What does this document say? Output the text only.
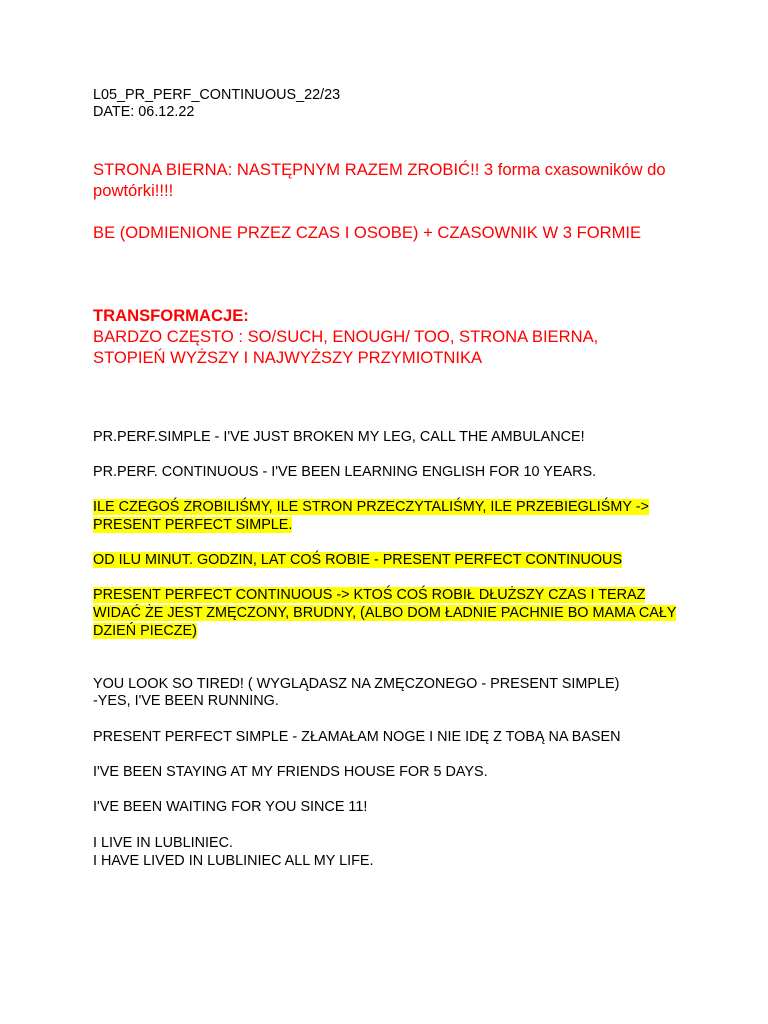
L05_PR_PERF_CONTINUOUS_22/23

DATE: 06.12.22

STRONA BIERNA: NASTĘPNYM RAZEM ZROBIĆ!! 3 forma cxasowników do

powtórki!!!!

BE (ODMIENIONE PRZEZ CZAS I OSOBE) + CZASOWNIK W 3 FORMIE

TRANSFORMACJE:

BARDZO CZĘSTO : SO/SUCH, ENOUGH/ TOO, STRONA BIERNA,

STOPIEŃ WYŻSZY I NAJWYŻSZY PRZYMIOTNIKA

PR.PERF.SIMPLE - I'VE JUST BROKEN MY LEG, CALL THE AMBULANCE!

PR.PERF. CONTINUOUS - I'VE BEEN LEARNING ENGLISH FOR 10 YEARS.

ILE CZEGOŚ ZROBILIŚMY, ILE STRON PRZECZYTALIŚMY, ILE PRZEBIEGLIŚMY ->

PRESENT PERFECT SIMPLE.

OD ILU MINUT. GODZIN, LAT COŚ ROBIE - PRESENT PERFECT CONTINUOUS

PRESENT PERFECT CONTINUOUS -> KTOŚ COŚ ROBIŁ DŁUŻSZY CZAS I TERAZ

WIDAĆ ŻE JEST ZMĘCZONY, BRUDNY, (ALBO DOM ŁADNIE PACHNIE BO MAMA CAŁY

DZIEŃ PIECZE)

YOU LOOK SO TIRED! ( WYGLĄDASZ NA ZMĘCZONEGO - PRESENT SIMPLE)

-YES, I'VE BEEN RUNNING.

PRESENT PERFECT SIMPLE - ZŁAMAŁAM NOGE I NIE IDĘ Z TOBĄ NA BASEN

I'VE BEEN STAYING AT MY FRIENDS HOUSE FOR 5 DAYS.

I'VE BEEN WAITING FOR YOU SINCE 11!

I LIVE IN LUBLINIEC.

I HAVE LIVED IN LUBLINIEC ALL MY LIFE.
